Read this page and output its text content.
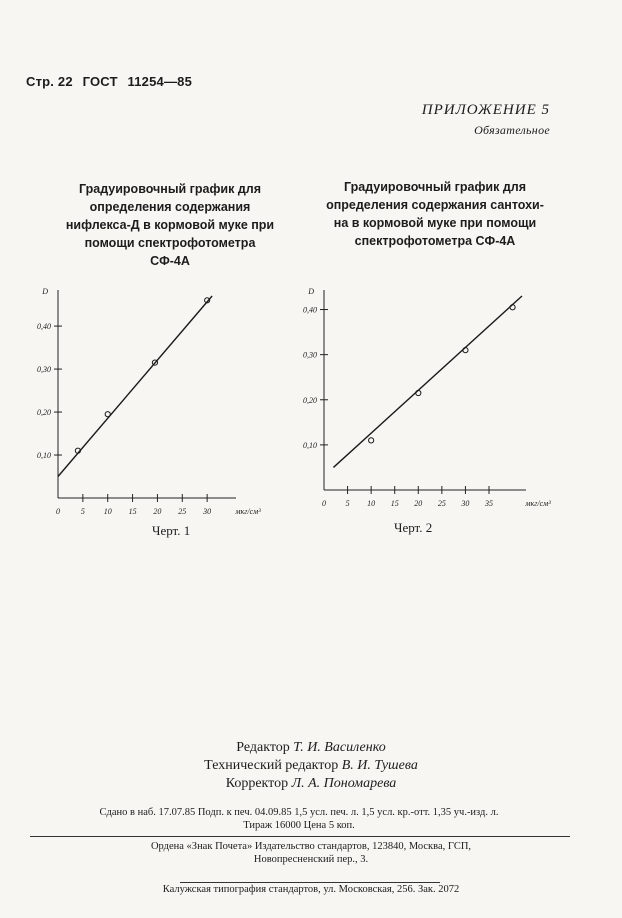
Стр. 22 ГОСТ 11254—85
ПРИЛОЖЕНИЕ 5
Обязательное
Градуировочный график для
определения содержания
нифлекса-Д в кормовой муке при
помощи спектрофотометра
СФ-4А
Градуировочный график для
определения содержания сантохи-
на в кормовой муке при помощи
спектрофотометра СФ-4А
0	5 10 15 20 25 30	мкг/см³
0,10
0,20
0,30
0,40
D
0 5 10 15 20 25 30 35	мкг/см³
0,10
0,20
0,30
0,40
D
Черт. 1	Черт. 2
Редактор Т. И. Василенко
Технический редактор В. И. Тушева
Корректор Л. А. Пономарева
Сдано в наб. 17.07.85 Подп. к печ. 04.09.85 1,5 усл. печ. л. 1,5 усл. кр.-отт. 1,35 уч.-изд. л.
Тираж 16000 Цена 5 коп.
Ордена «Знак Почета» Издательство стандартов, 123840, Москва, ГСП,
Новопресненский пер., 3.
Калужская типография стандартов, ул. Московская, 256. Зак. 2072
